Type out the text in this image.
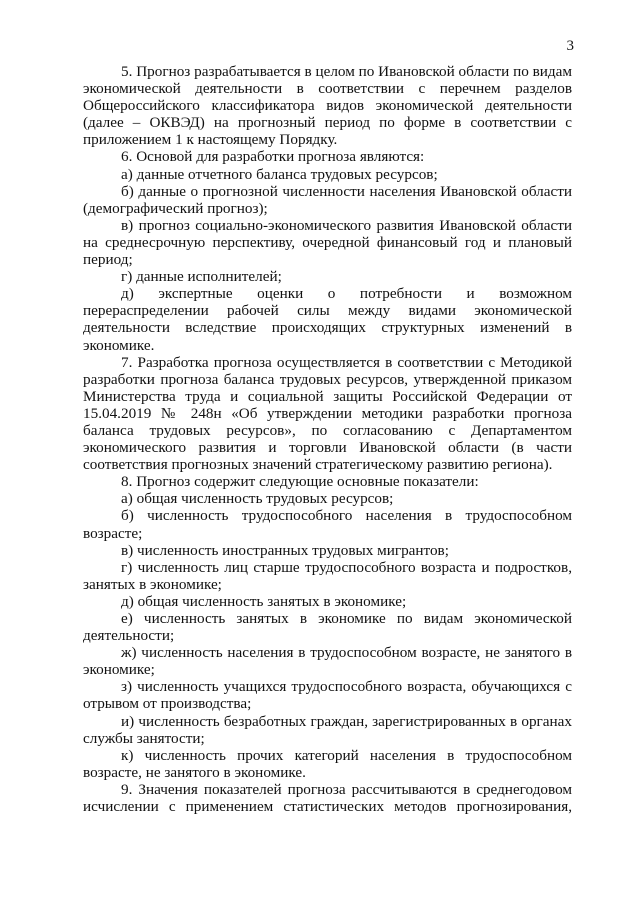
3
5. Прогноз разрабатывается в целом по Ивановской области по видам
экономической деятельности в соответствии с перечнем разделов
Общероссийского классификатора видов экономической деятельности
(далее – ОКВЭД) на прогнозный период по форме в соответствии с
приложением 1 к настоящему Порядку.
6. Основой для разработки прогноза являются:
а) данные отчетного баланса трудовых ресурсов;
б) данные о прогнозной численности населения Ивановской области
(демографический прогноз);
в) прогноз социально-экономического развития Ивановской области
на среднесрочную перспективу, очередной финансовый год и плановый
период;
г) данные исполнителей;
д) экспертные оценки о потребности и возможном
перераспределении рабочей силы между видами экономической
деятельности вследствие происходящих структурных изменений в
экономике.
7. Разработка прогноза осуществляется в соответствии с Методикой
разработки прогноза баланса трудовых ресурсов, утвержденной приказом
Министерства труда и социальной защиты Российской Федерации от
15.04.2019 № 248н «Об утверждении методики разработки прогноза
баланса трудовых ресурсов», по согласованию с Департаментом
экономического развития и торговли Ивановской области (в части
соответствия прогнозных значений стратегическому развитию региона).
8. Прогноз содержит следующие основные показатели:
а) общая численность трудовых ресурсов;
б) численность трудоспособного населения в трудоспособном
возрасте;
в) численность иностранных трудовых мигрантов;
г) численность лиц старше трудоспособного возраста и подростков,
занятых в экономике;
д) общая численность занятых в экономике;
е) численность занятых в экономике по видам экономической
деятельности;
ж) численность населения в трудоспособном возрасте, не занятого в
экономике;
з) численность учащихся трудоспособного возраста, обучающихся с
отрывом от производства;
и) численность безработных граждан, зарегистрированных в органах
службы занятости;
к) численность прочих категорий населения в трудоспособном
возрасте, не занятого в экономике.
9. Значения показателей прогноза рассчитываются в среднегодовом
исчислении с применением статистических методов прогнозирования,
